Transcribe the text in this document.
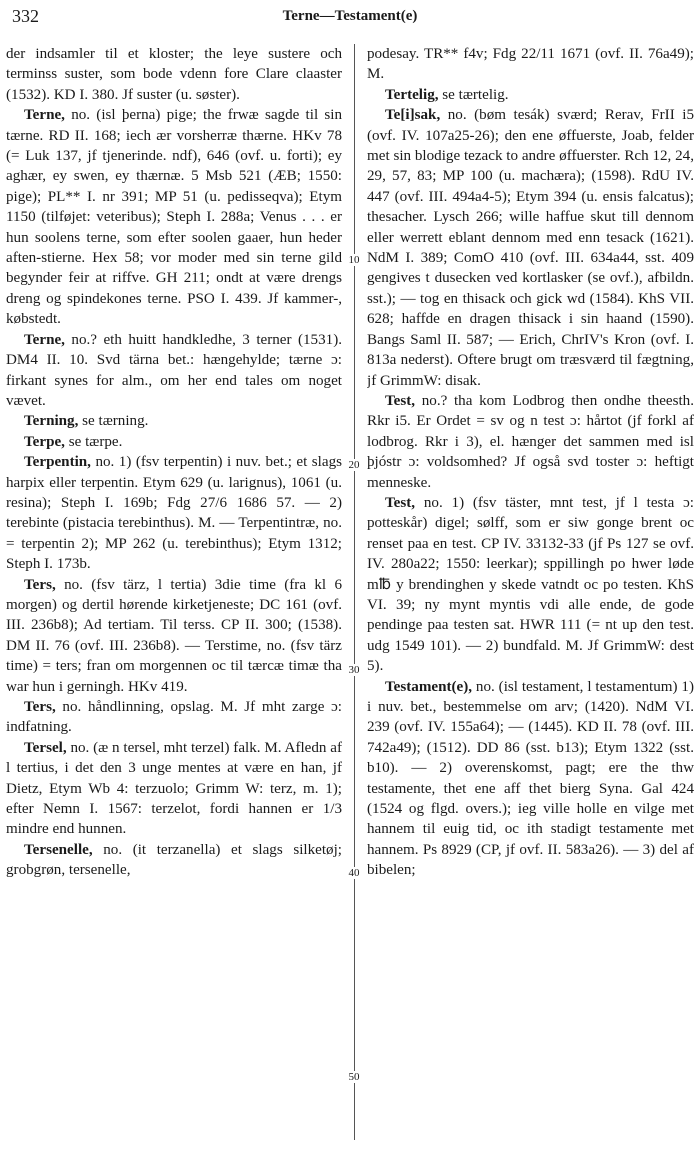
332	Terne—Testament(e)

der indsamler til et kloster; the leye sustere och terminss suster, som bode vdenn fore Clare claaster (1532). KD I. 380. Jf suster (u. søster).

Terne, no. (isl þerna) pige; the frwæ sagde til sin tærne. RD II. 168; iech ær vorsherræ thærne. HKv 78 (= Luk 137, jf tjenerinde. ndf), 646 (ovf. u. forti); ey aghær, ey swen, ey thærnæ. 5 Msb 521 (ÆB; 1550: pige); PL** I. nr 391; MP 51 (u. pedisseqva); Etym 1150 (tilføjet: veteribus); Steph I. 288a; Venus . . . er hun soolens terne, som efter soolen gaaer, hun heder aften-stierne. Hex 58; vor moder med sin terne gild begynder feir at riffve. GH 211; ondt at være drengs dreng og spindekones terne. PSO I. 439. Jf kammer-, købstedt.

Terne, no.? eth huitt handkledhe, 3 terner (1531). DM4 II. 10. Svd tärna bet.: hængehylde; tærne ɔ: firkant synes for alm., om her end tales om noget vævet.

Terning, se tærning.

Terpe, se tærpe.

Terpentin, no. 1) (fsv terpentin) i nuv. bet.; et slags harpix eller terpentin. Etym 629 (u. larignus), 1061 (u. resina); Steph I. 169b; Fdg 27/6 1686 57. — 2) terebinte (pistacia terebinthus). M. — Terpentintræ, no. = terpentin 2); MP 262 (u. terebinthus); Etym 1312; Steph I. 173b.

Ters, no. (fsv tärz, l tertia) 3die time (fra kl 6 morgen) og dertil hørende kirketjeneste; DC 161 (ovf. III. 236b8); Ad tertiam. Til terss. CP II. 300; (1538). DM II. 76 (ovf. III. 236b8). — Terstime, no. (fsv tärz time) = ters; fran om morgennen oc til tærcæ timæ tha war hun i gerningh. HKv 419.

Ters, no. håndlinning, opslag. M. Jf mht zarge ɔ: indfatning.

Tersel, no. (æ n tersel, mht terzel) falk. M. Afledn af l tertius, i det den 3 unge mentes at være en han, jf Dietz, Etym Wb 4: terzuolo; Grimm W: terz, m. 1); efter Nemn I. 1567: terzelot, fordi hannen er 1/3 mindre end hunnen.

Tersenelle, no. (it terzanella) et slags silketøj; grobgrøn, tersenelle,

10
20
30
40
50

podesay. TR** f4v; Fdg 22/11 1671 (ovf. II. 76a49); M.

Tertelig, se tærtelig.

Te[i]sak, no. (bøm tesák) sværd; Rerav, FrII i5 (ovf. IV. 107a25-26); den ene øffuerste, Joab, felder met sin blodige tezack to andre øffuerster. Rch 12, 24, 29, 57, 83; MP 100 (u. machæra); (1598). RdU IV. 447 (ovf. III. 494a4-5); Etym 394 (u. ensis falcatus); thesacher. Lysch 266; wille haffue skut till dennom eller werrett eblant dennom med enn tesack (1621). NdM I. 389; ComO 410 (ovf. III. 634a44, sst. 409 gengives t dusecken ved kortlasker (se ovf.), afbildn. sst.); — tog en thisack och gick wd (1584). KhS VII. 628; haffde en dragen thisack i sin haand (1590). Bangs Saml II. 587; — Erich, ChrIV's Kron (ovf. I. 813a nederst). Oftere brugt om træsværd til fægtning, jf GrimmW: disak.

Test, no.? tha kom Lodbrog then ondhe theesth. Rkr i5. Er Ordet = sv og n test ɔ: hårtot (jf forkl af lodbrog. Rkr i 3), el. hænger det sammen med isl þjóstr ɔ: voldsomhed? Jf også svd toster ɔ: heftigt menneske.

Test, no. 1) (fsv täster, mnt test, jf l testa ɔ: potteskår) digel; sølff, som er siw gonge brent oc renset paa en test. CP IV. 33132-33 (jf Ps 127 se ovf. IV. 280a22; 1550: leerkar); sppillingh po hwer løde m℔ y brendinghen y skede vatndt oc po testen. KhS VI. 39; ny mynt myntis vdi alle ende, de gode pendinge paa testen sat. HWR 111 (= nt up den test. udg 1549 101). — 2) bundfald. M. Jf GrimmW: dest 5).

Testament(e), no. (isl testament, l testamentum) 1) i nuv. bet., bestemmelse om arv; (1420). NdM VI. 239 (ovf. IV. 155a64); — (1445). KD II. 78 (ovf. III. 742a49); (1512). DD 86 (sst. b13); Etym 1322 (sst. b10). — 2) overenskomst, pagt; ere the thw testamente, thet ene aff thet bierg Syna. Gal 424 (1524 og flgd. overs.); ieg ville holle en vilge met hannem til euig tid, oc ith stadigt testamente met hannem. Ps 8929 (CP, jf ovf. II. 583a26). — 3) del af bibelen;
